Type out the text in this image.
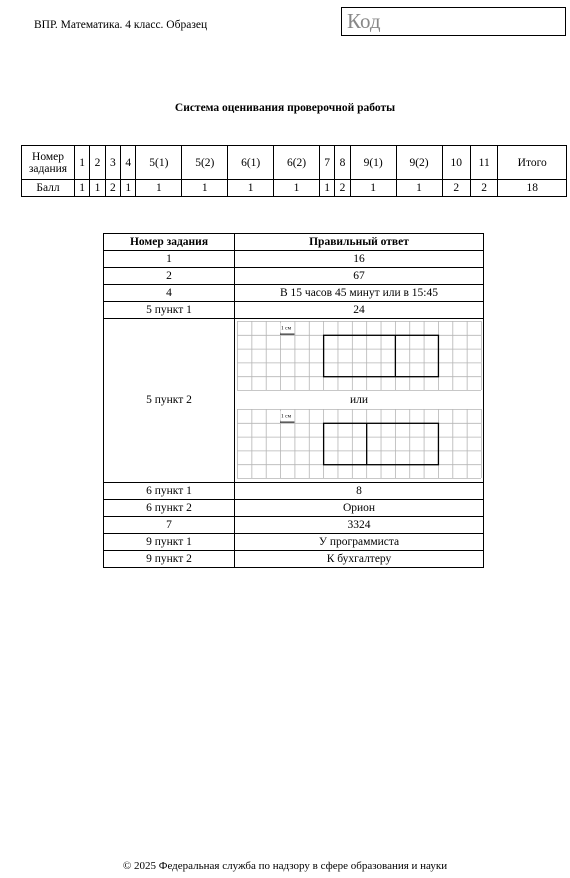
ВПР. Математика. 4 класс. Образец	Код
Система оценивания проверочной работы
Номер задания	1	2	3	4	5(1)	5(2)	6(1)	6(2)	7	8	9(1)	9(2)	10	11	Итого
Балл	1	1	2	1	1	1	1	1	1	2	1	1	2	2	18
Номер задания	Правильный ответ
1	16
2	67
4	В 15 часов 45 минут или в 15:45
5 пункт 1	24
5 пункт 2	1 см
или
1 см

6 пункт 1	8
6 пункт 2	Орион
7	3324
9 пункт 1	У программиста
9 пункт 2	К бухгалтеру
© 2025 Федеральная служба по надзору в сфере образования и науки
